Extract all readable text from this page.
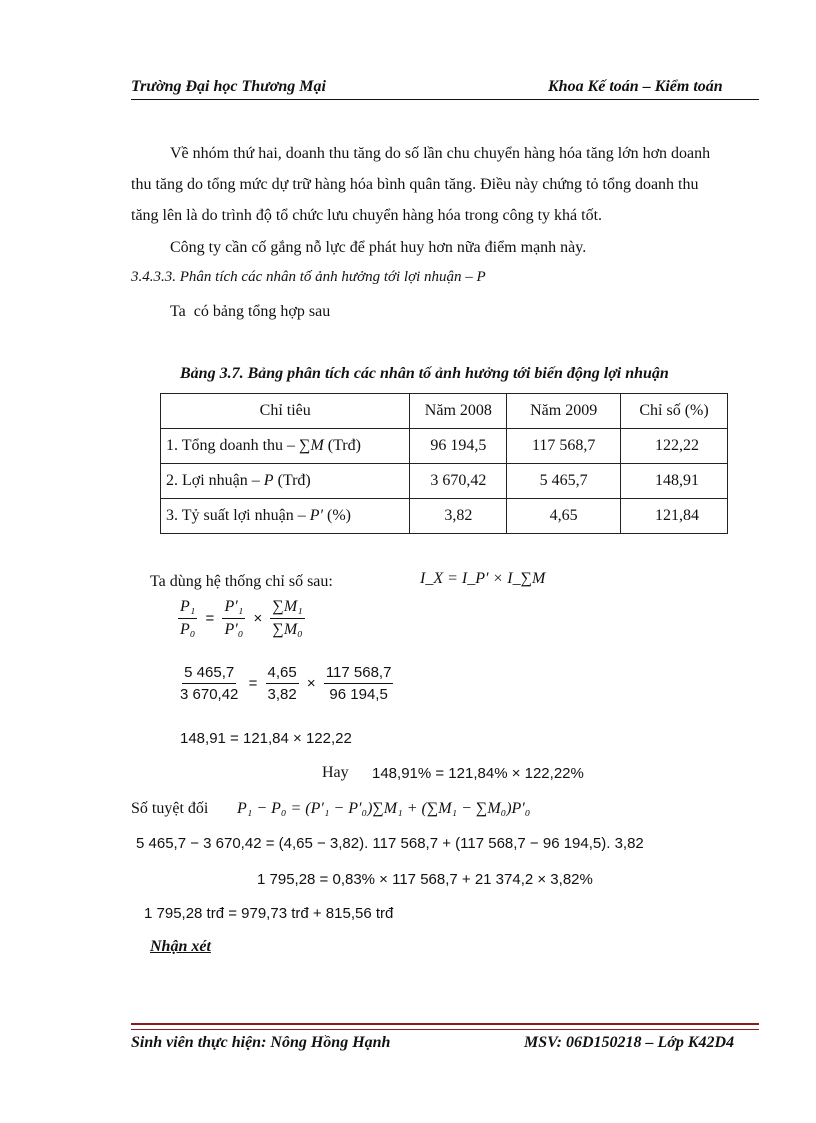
Trường Đại học Thương Mại	Khoa Kế toán – Kiểm toán
Về nhóm thứ hai, doanh thu tăng do số lần chu chuyển hàng hóa tăng lớn hơn doanh
thu tăng do tổng mức dự trữ hàng hóa bình quân tăng. Điều này chứng tỏ tổng doanh thu
tăng lên là do trình độ tổ chức lưu chuyển hàng hóa trong công ty khá tốt.
Công ty cần cố gắng nỗ lực để phát huy hơn nữa điểm mạnh này.
3.4.3.3. Phân tích các nhân tố ảnh hưởng tới lợi nhuận – P
Ta  có bảng tổng hợp sau
Bảng 3.7. Bảng phân tích các nhân tố ảnh hưởng tới biến động lợi nhuận
Chỉ tiêu	Năm 2008	Năm 2009	Chỉ số (%)
1. Tổng doanh thu – ∑M (Trđ)	96 194,5	117 568,7	122,22
2. Lợi nhuận – P (Trđ)	3 670,42	5 465,7	148,91
3. Tỷ suất lợi nhuận – P′ (%)	3,82	4,65	121,84
Ta dùng hệ thống chỉ số sau:	I_X = I_P′ × I_∑M
$\frac{\text{P₁}}{\text{P₀}} = \frac{\text{P′₁}}{\text{P′₀}} \times \frac{\text{∑M₁}}{\text{∑M₀}}$
$\frac{5 465,7}{3 670,42} = \frac{4,65}{3,82} \times \frac{117 568,7}{96 194,5}$
148,91 = 121,84 × 122,22
Hay 148,91% = 121,84% × 122,22%
Số tuyệt đối P₁ − P₀ = (P′₁ − P′₀)∑M₁ + (∑M₁ − ∑M₀)P′₀
5 465,7 − 3 670,42 = (4,65 − 3,82). 117 568,7 + (117 568,7 − 96 194,5). 3,82
1 795,28 = 0,83% × 117 568,7 + 21 374,2 × 3,82%
1 795,28 trđ = 979,73 trđ + 815,56 trđ
Nhận xét
Sinh viên thực hiện: Nông Hồng Hạnh	MSV: 06D150218 – Lớp K42D4
